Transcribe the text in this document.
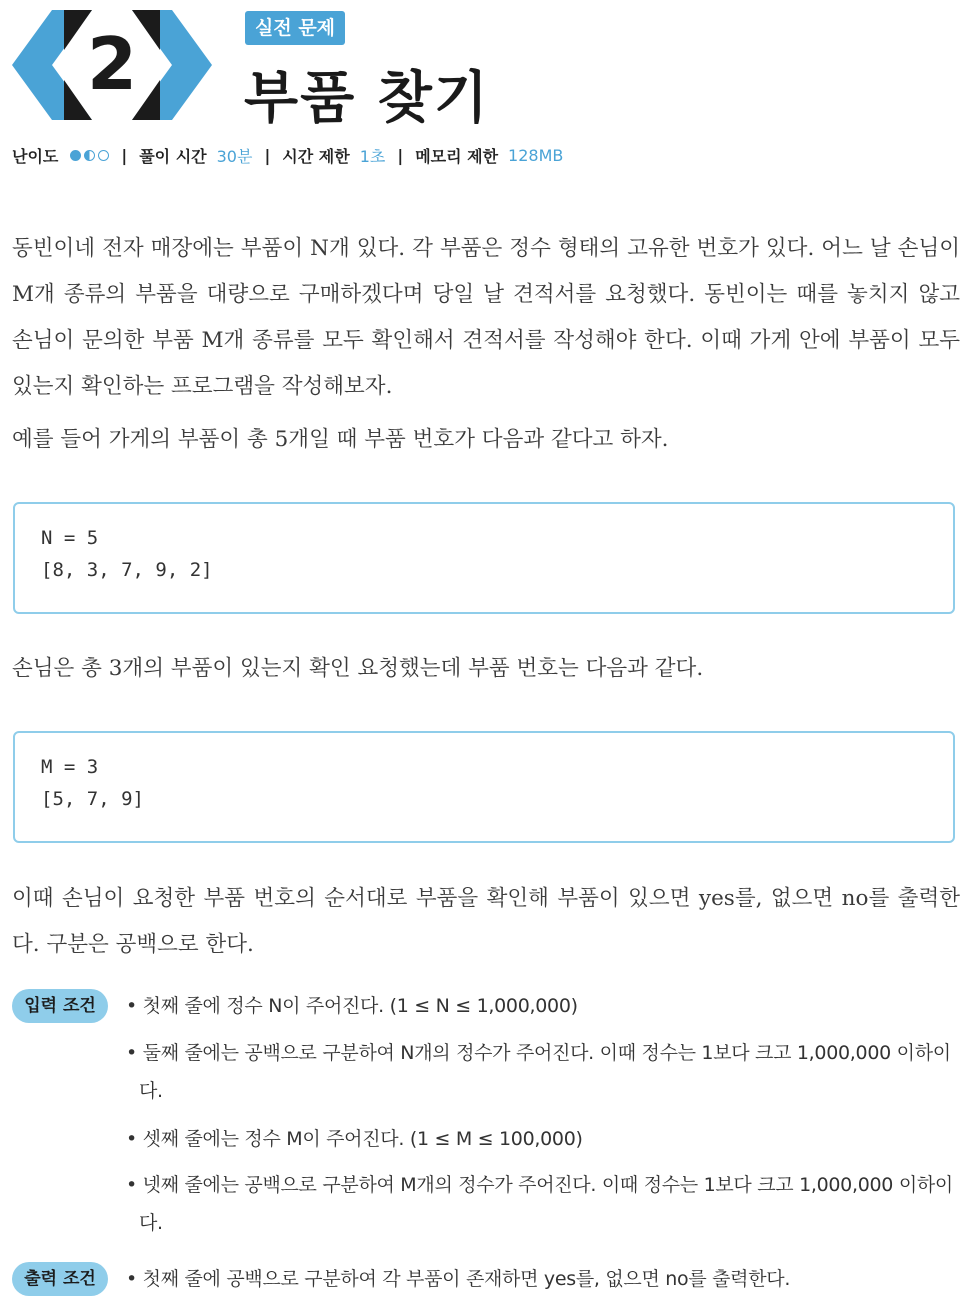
2	실전 문제
부품 찾기
난이도	| 풀이 시간 30분 | 시간 제한 1초 | 메모리 제한 128MB

동빈이네 전자 매장에는 부품이 N개 있다. 각 부품은 정수 형태의 고유한 번호가 있다. 어느 날 손님이 M개 종류의 부품을 대량으로 구매하겠다며 당일 날 견적서를 요청했다. 동빈이는 때를 놓치지 않고 손님이 문의한 부품 M개 종류를 모두 확인해서 견적서를 작성해야 한다. 이때 가게 안에 부품이 모두 있는지 확인하는 프로그램을 작성해보자.

예를 들어 가게의 부품이 총 5개일 때 부품 번호가 다음과 같다고 하자.

N = 5
[8, 3, 7, 9, 2]

손님은 총 3개의 부품이 있는지 확인 요청했는데 부품 번호는 다음과 같다.

M = 3
[5, 7, 9]

이때 손님이 요청한 부품 번호의 순서대로 부품을 확인해 부품이 있으면 yes를, 없으면 no를 출력한다. 구분은 공백으로 한다.

입력 조건	• 첫째 줄에 정수 N이 주어진다. (1 ≤ N ≤ 1,000,000)

• 둘째 줄에는 공백으로 구분하여 N개의 정수가 주어진다. 이때 정수는 1보다 크고 1,000,000 이하이다.

• 셋째 줄에는 정수 M이 주어진다. (1 ≤ M ≤ 100,000)

• 넷째 줄에는 공백으로 구분하여 M개의 정수가 주어진다. 이때 정수는 1보다 크고 1,000,000 이하이다.

출력 조건	• 첫째 줄에 공백으로 구분하여 각 부품이 존재하면 yes를, 없으면 no를 출력한다.
